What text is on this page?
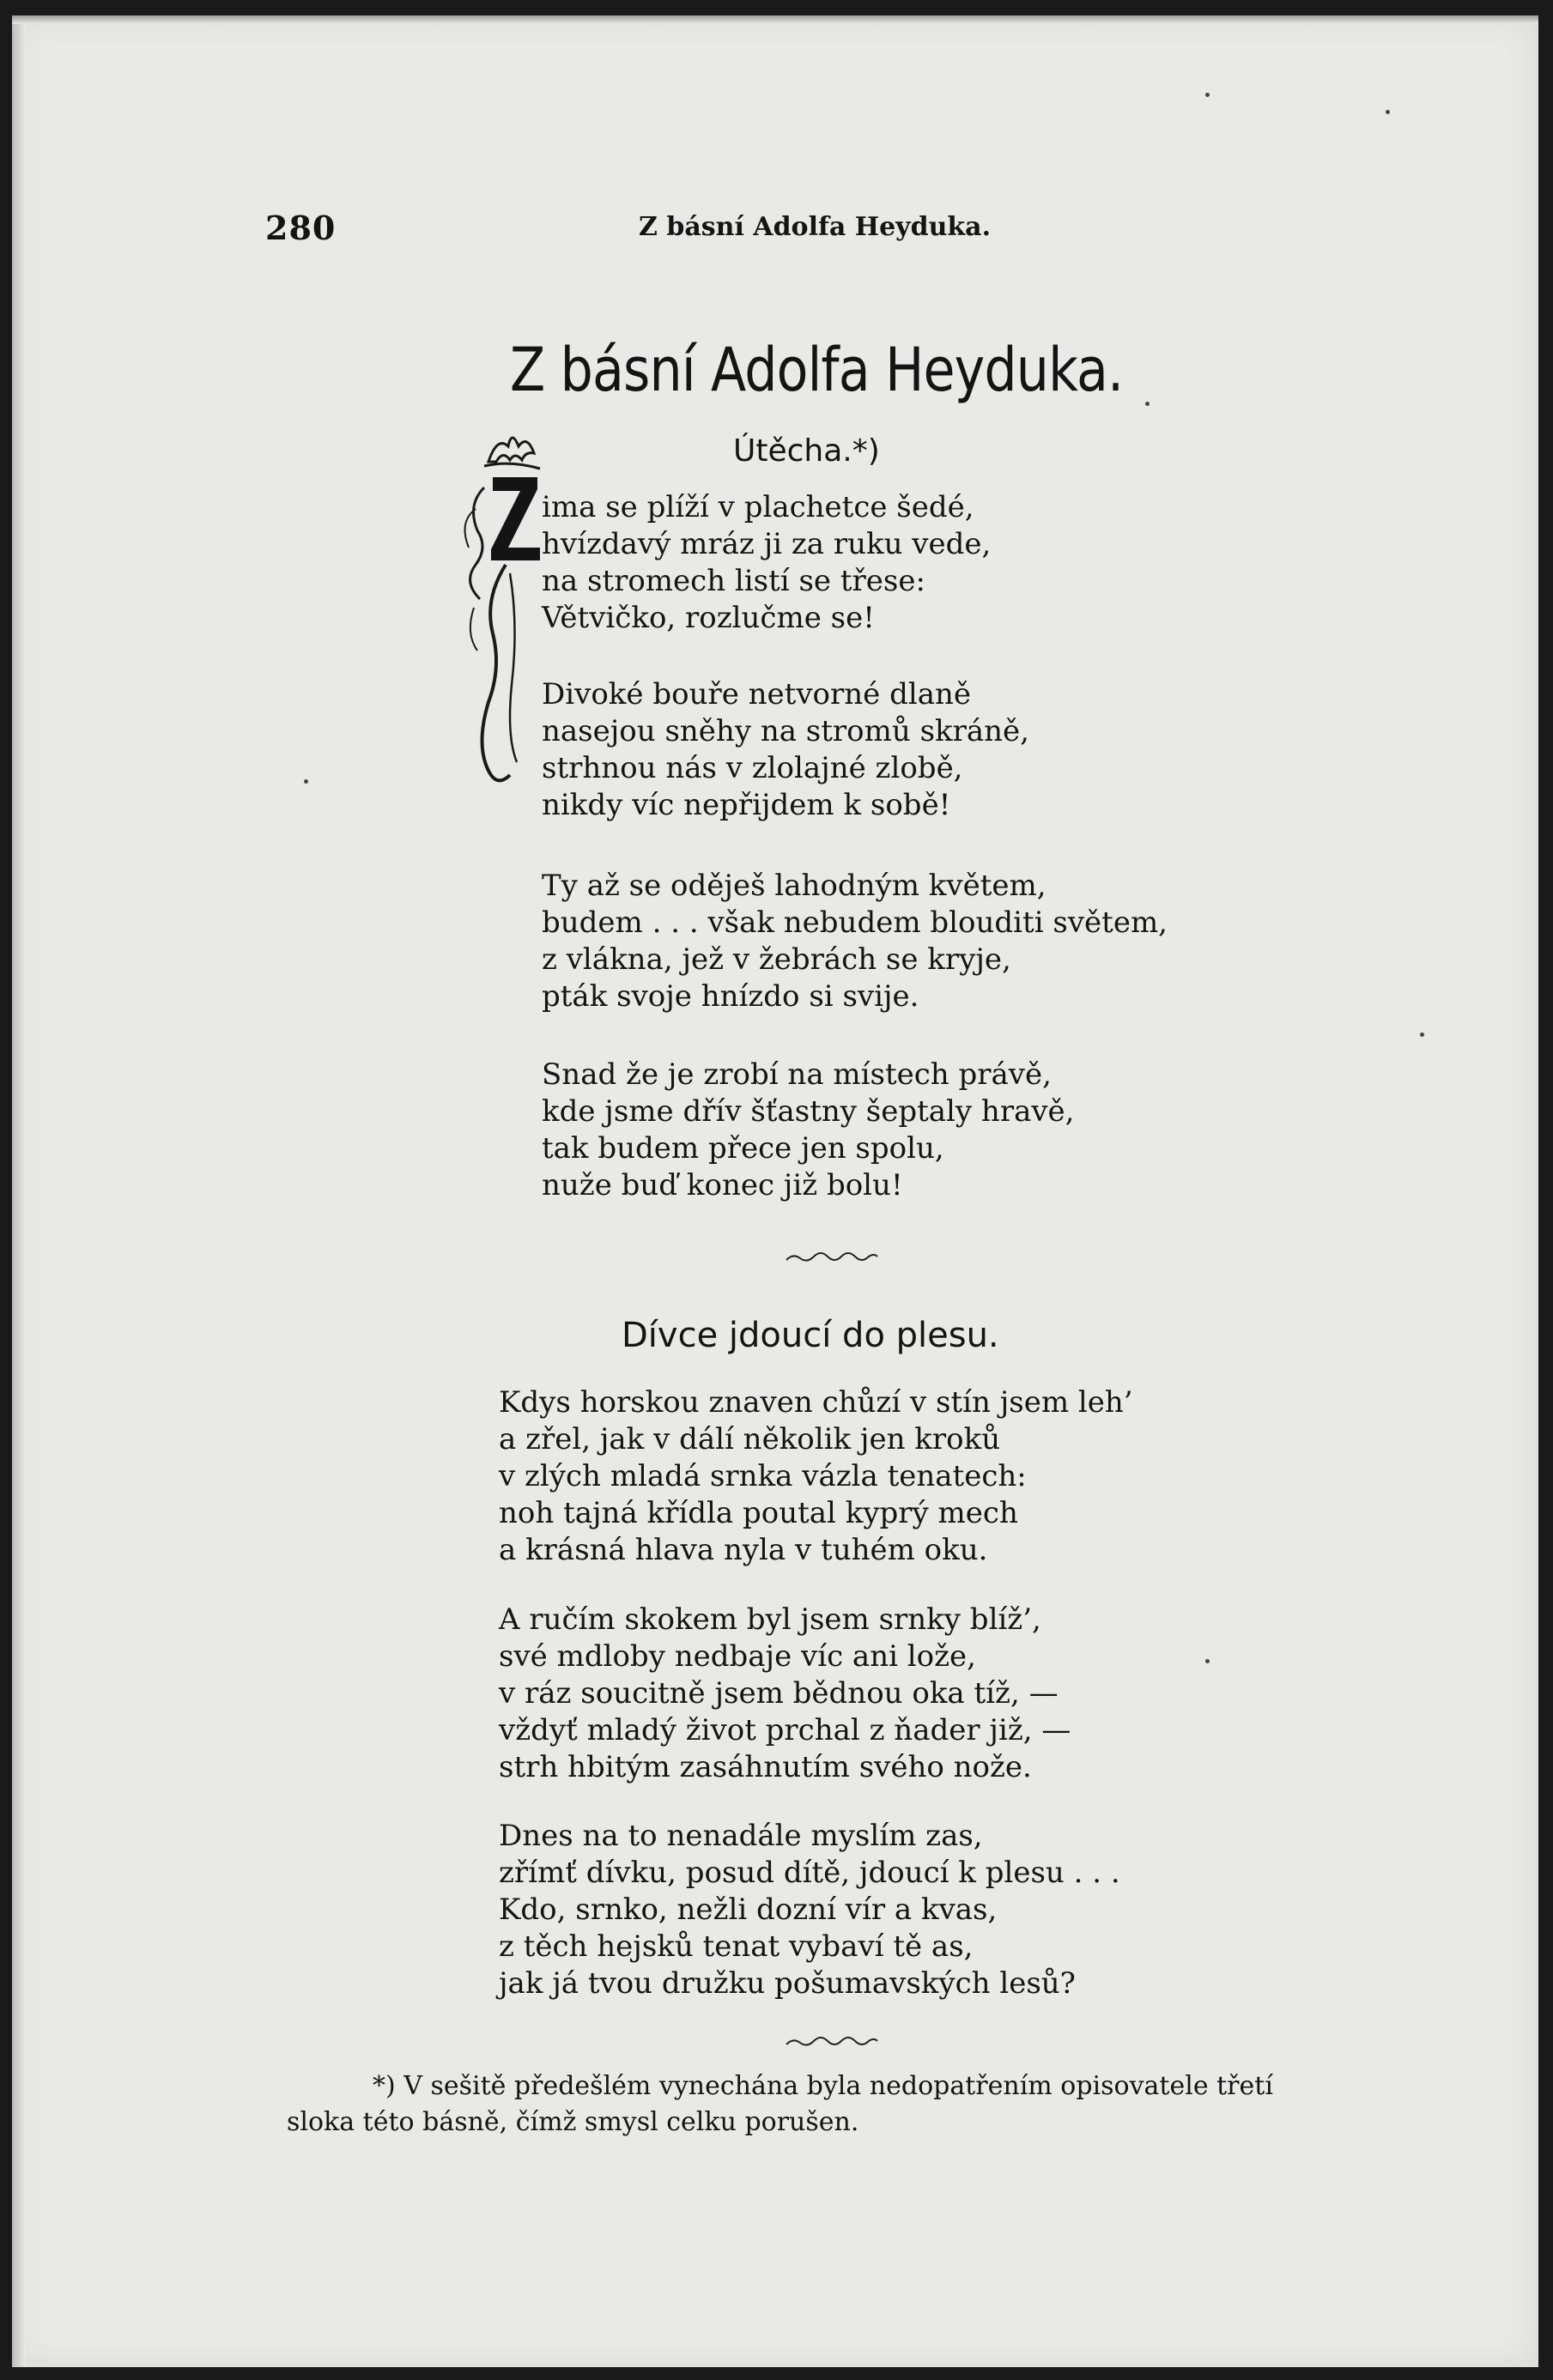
280	Z básní Adolfa Heyduka.
Z básní Adolfa Heyduka.
Útěcha.*)
ima se plíží v plachetce šedé,
hvízdavý mráz ji za ruku vede,
na stromech listí se třese:
Větvičko, rozlučme se!
Divoké bouře netvorné dlaně
nasejou sněhy na stromů skráně,
strhnou nás v zlolajné zlobě,
nikdy víc nepřijdem k sobě!
Ty až se oděješ lahodným květem,
budem . . . však nebudem blouditi světem,
z vlákna, jež v žebrách se kryje,
pták svoje hnízdo si svije.
Snad že je zrobí na místech právě,
kde jsme dřív šťastny šeptaly hravě,
tak budem přece jen spolu,
nuže buď konec již bolu!
Dívce jdoucí do plesu.
Kdys horskou znaven chůzí v stín jsem leh’
a zřel, jak v dálí několik jen kroků
v zlých mladá srnka vázla tenatech:
noh tajná křídla poutal kyprý mech
a krásná hlava nyla v tuhém oku.
A ručím skokem byl jsem srnky blíž’,
své mdloby nedbaje víc ani lože,
v ráz soucitně jsem bědnou oka tíž, —
vždyť mladý život prchal z ňader již, —
strh hbitým zasáhnutím svého nože.
Dnes na to nenadále myslím zas,
zřímť dívku, posud dítě, jdoucí k plesu . . .
Kdo, srnko, nežli dozní vír a kvas,
z těch hejsků tenat vybaví tě as,
jak já tvou družku pošumavských lesů?
*) V sešitě předešlém vynechána byla nedopatřením opisovatele třetí
sloka této básně, čímž smysl celku porušen.
